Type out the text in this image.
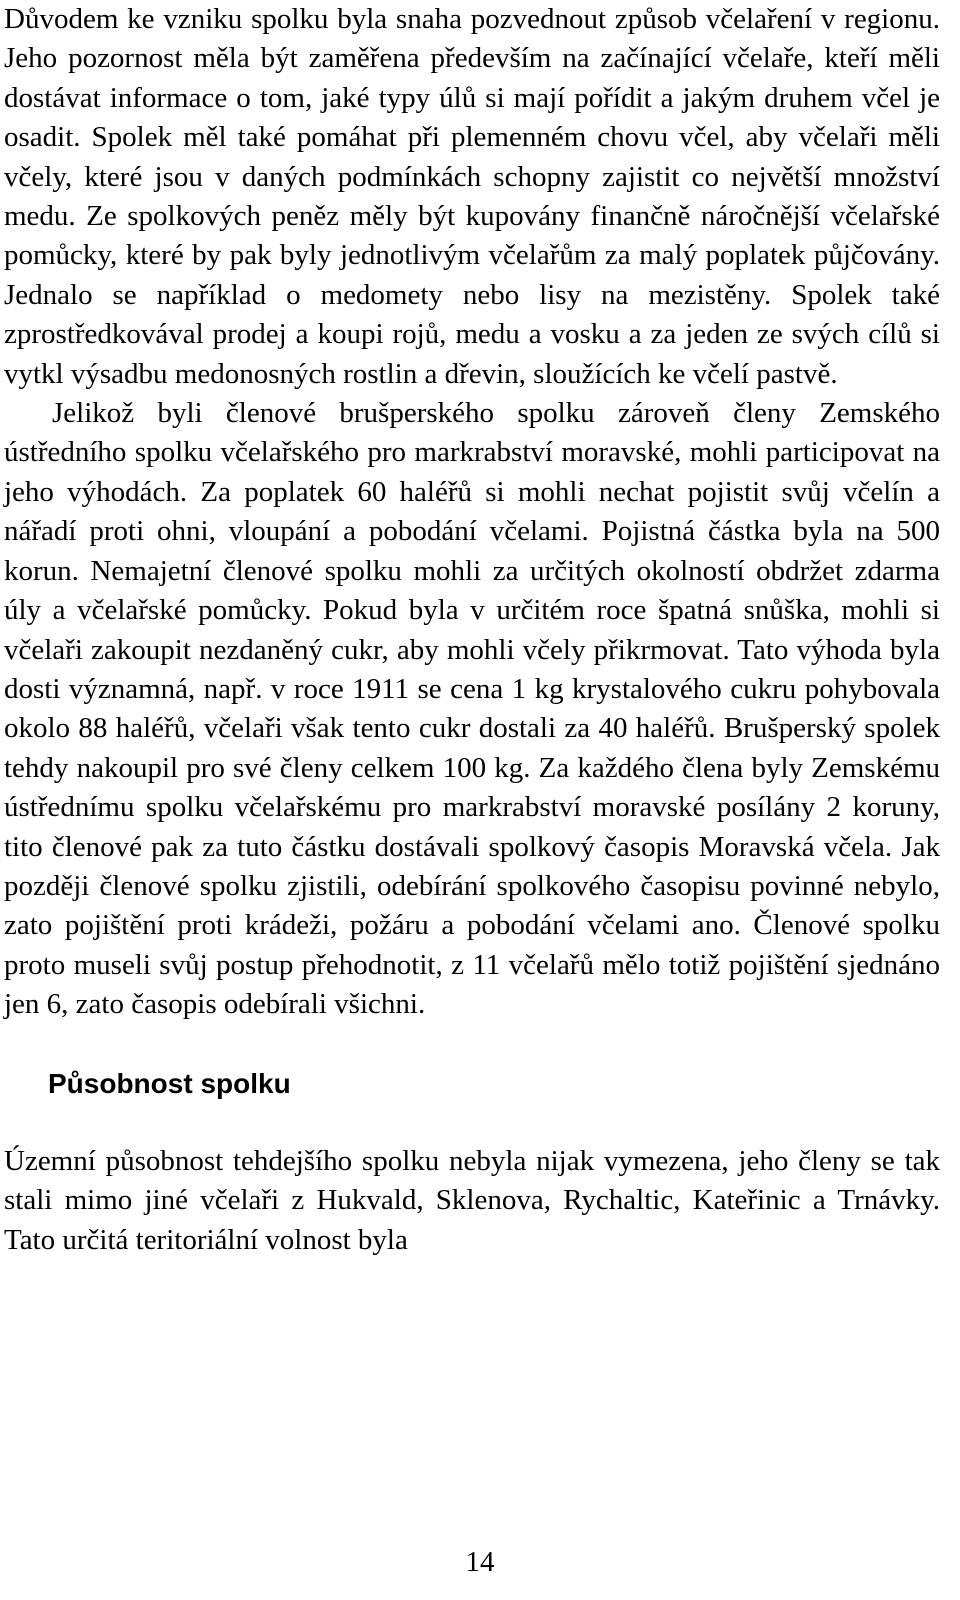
Důvodem ke vzniku spolku byla snaha pozvednout způsob včelaření v regionu. Jeho pozornost měla být zaměřena především na začínající včelaře, kteří měli dostávat informace o tom, jaké typy úlů si mají pořídit a jakým druhem včel je osadit. Spolek měl také pomáhat při plemenném chovu včel, aby včelaři měli včely, které jsou v daných podmínkách schopny zajistit co největší množství medu. Ze spolkových peněz měly být kupovány finančně náročnější včelařské pomůcky, které by pak byly jednotlivým včelařům za malý poplatek půjčovány. Jednalo se například o medomety nebo lisy na mezistěny. Spolek také zprostředkovával prodej a koupi rojů, medu a vosku a za jeden ze svých cílů si vytkl výsadbu medonosných rostlin a dřevin, sloužících ke včelí pastvě.

Jelikož byli členové brušperského spolku zároveň členy Zemského ústředního spolku včelařského pro markrabství moravské, mohli participovat na jeho výhodách. Za poplatek 60 haléřů si mohli nechat pojistit svůj včelín a nářadí proti ohni, vloupání a pobodání včelami. Pojistná částka byla na 500 korun. Nemajetní členové spolku mohli za určitých okolností obdržet zdarma úly a včelařské pomůcky. Pokud byla v určitém roce špatná snůška, mohli si včelaři zakoupit nezdaněný cukr, aby mohli včely přikrmovat. Tato výhoda byla dosti významná, např. v roce 1911 se cena 1 kg krystalového cukru pohybovala okolo 88 haléřů, včelaři však tento cukr dostali za 40 haléřů. Brušperský spolek tehdy nakoupil pro své členy celkem 100 kg. Za každého člena byly Zemskému ústřednímu spolku včelařskému pro markrabství moravské posílány 2 koruny, tito členové pak za tuto částku dostávali spolkový časopis Moravská včela. Jak později členové spolku zjistili, odebírání spolkového časopisu povinné nebylo, zato pojištění proti krádeži, požáru a pobodání včelami ano. Členové spolku proto museli svůj postup přehodnotit, z 11 včelařů mělo totiž pojištění sjednáno jen 6, zato časopis odebírali všichni.

Působnost spolku

Územní působnost tehdejšího spolku nebyla nijak vymezena, jeho členy se tak stali mimo jiné včelaři z Hukvald, Sklenova, Rychaltic, Kateřinic a Trnávky. Tato určitá teritoriální volnost byla

14
